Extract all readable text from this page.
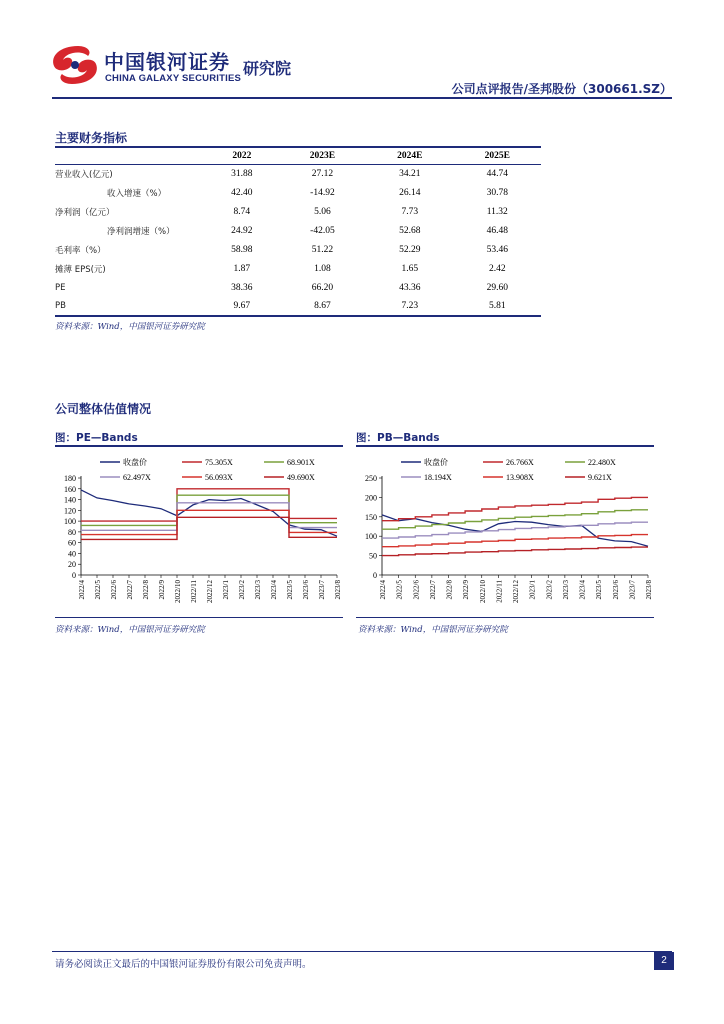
中国银河证券
CHINA GALAXY SECURITIES
研究院
公司点评报告/圣邦股份（300661.SZ）
主要财务指标
	2022	2023E	2024E	2025E
营业收入(亿元)	31.88	27.12	34.21	44.74
收入增速（%）	42.40	-14.92	26.14	30.78
净利润（亿元）	8.74	5.06	7.73	11.32
净利润增速（%）	24.92	-42.05	52.68	46.48
毛利率（%）	58.98	51.22	52.29	53.46
摊薄 EPS(元)	1.87	1.08	1.65	2.42
PE	38.36	66.20	43.36	29.60
PB	9.67	8.67	7.23	5.81
资料来源：Wind，中国银河证券研究院
公司整体估值情况
图：PE—Bands
0
20
40
60
80
100
120
140
160
180
2022/4 2022/5 2022/6 2022/7 2022/8 2022/9 2022/10 2022/11 2022/12 2023/1 2023/2 2023/3 2023/4 2023/5 2023/6 2023/7 2023/8
收盘价	75.305X	68.901X
62.497X	56.093X	49.690X
资料来源：Wind，中国银河证券研究院
图：PB—Bands
0
50
100
150
200
250
2022/4 2022/5 2022/6 2022/7 2022/8 2022/9 2022/10 2022/11 2022/12 2023/1 2023/2 2023/3 2023/4 2023/5 2023/6 2023/7 2023/8
收盘价	26.766X	22.480X
18.194X	13.908X	9.621X
资料来源：Wind，中国银河证券研究院
请务必阅读正文最后的中国银河证券股份有限公司免责声明。	2
